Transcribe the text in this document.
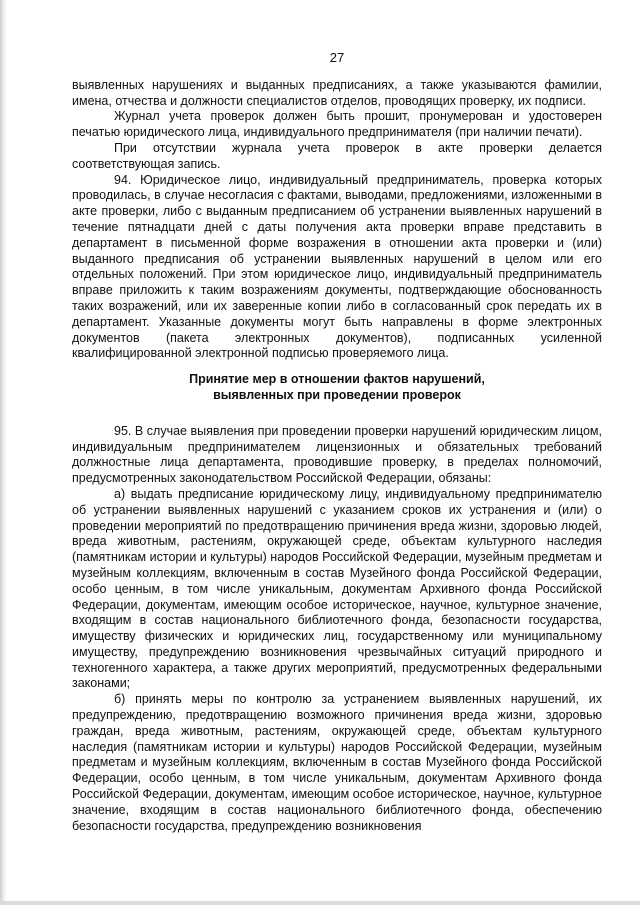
27

выявленных нарушениях и выданных предписаниях, а также указываются фамилии, имена, отчества и должности специалистов отделов, проводящих проверку, их подписи.

Журнал учета проверок должен быть прошит, пронумерован и удостоверен печатью юридического лица, индивидуального предпринимателя (при наличии печати).

При отсутствии журнала учета проверок в акте проверки делается соответствующая запись.

94. Юридическое лицо, индивидуальный предприниматель, проверка которых проводилась, в случае несогласия с фактами, выводами, предложениями, изложенными в акте проверки, либо с выданным предписанием об устранении выявленных нарушений в течение пятнадцати дней с даты получения акта проверки вправе представить в департамент в письменной форме возражения в отношении акта проверки и (или) выданного предписания об устранении выявленных нарушений в целом или его отдельных положений. При этом юридическое лицо, индивидуальный предприниматель вправе приложить к таким возражениям документы, подтверждающие обоснованность таких возражений, или их заверенные копии либо в согласованный срок передать их в департамент. Указанные документы могут быть направлены в форме электронных документов (пакета электронных документов), подписанных усиленной квалифицированной электронной подписью проверяемого лица.

Принятие мер в отношении фактов нарушений,
выявленных при проведении проверок

95. В случае выявления при проведении проверки нарушений юридическим лицом, индивидуальным предпринимателем лицензионных и обязательных требований должностные лица департамента, проводившие проверку, в пределах полномочий, предусмотренных законодательством Российской Федерации, обязаны:

а) выдать предписание юридическому лицу, индивидуальному предпринимателю об устранении выявленных нарушений с указанием сроков их устранения и (или) о проведении мероприятий по предотвращению причинения вреда жизни, здоровью людей, вреда животным, растениям, окружающей среде, объектам культурного наследия (памятникам истории и культуры) народов Российской Федерации, музейным предметам и музейным коллекциям, включенным в состав Музейного фонда Российской Федерации, особо ценным, в том числе уникальным, документам Архивного фонда Российской Федерации, документам, имеющим особое историческое, научное, культурное значение, входящим в состав национального библиотечного фонда, безопасности государства, имуществу физических и юридических лиц, государственному или муниципальному имуществу, предупреждению возникновения чрезвычайных ситуаций природного и техногенного характера, а также других мероприятий, предусмотренных федеральными законами;

б) принять меры по контролю за устранением выявленных нарушений, их предупреждению, предотвращению возможного причинения вреда жизни, здоровью граждан, вреда животным, растениям, окружающей среде, объектам культурного наследия (памятникам истории и культуры) народов Российской Федерации, музейным предметам и музейным коллекциям, включенным в состав Музейного фонда Российской Федерации, особо ценным, в том числе уникальным, документам Архивного фонда Российской Федерации, документам, имеющим особое историческое, научное, культурное значение, входящим в состав национального библиотечного фонда, обеспечению безопасности государства, предупреждению возникновения
